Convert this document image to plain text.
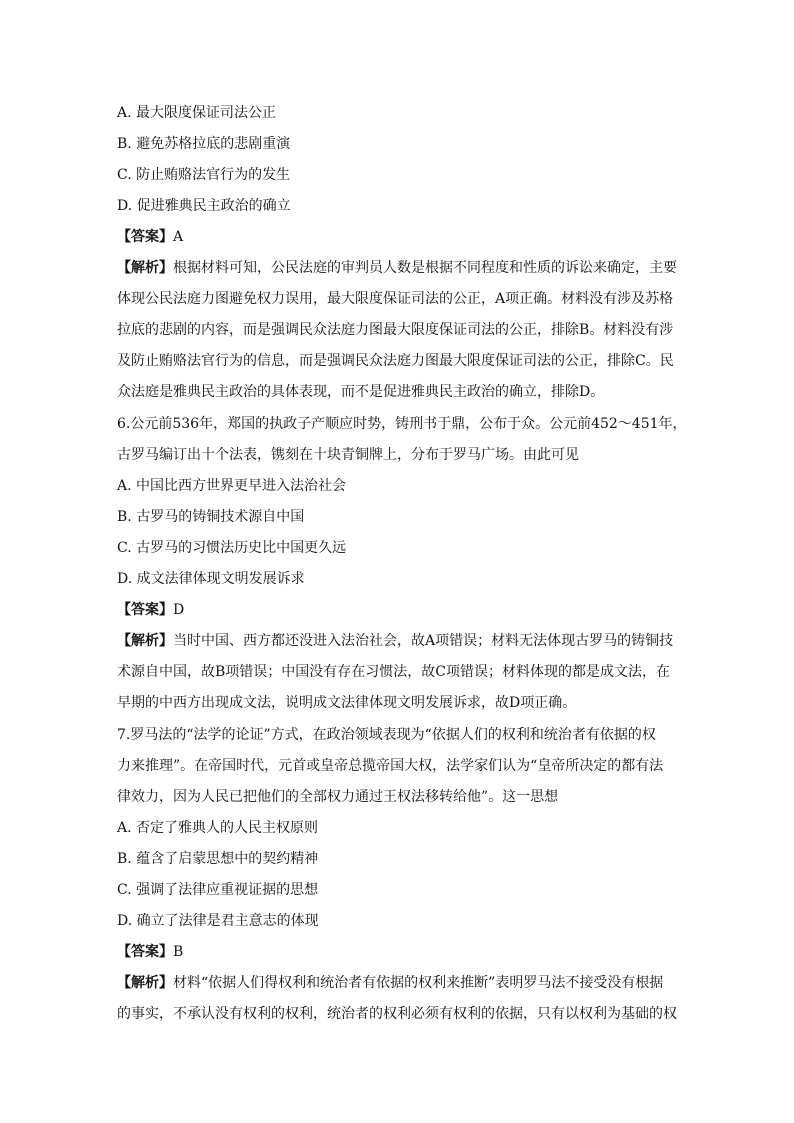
A. 最大限度保证司法公正
B. 避免苏格拉底的悲剧重演
C. 防止贿赂法官行为的发生
D. 促进雅典民主政治的确立
【答案】A
【解析】根据材料可知，公民法庭的审判员人数是根据不同程度和性质的诉讼来确定，主要
体现公民法庭力图避免权力误用，最大限度保证司法的公正，A项正确。材料没有涉及苏格
拉底的悲剧的内容，而是强调民众法庭力图最大限度保证司法的公正，排除B。材料没有涉
及防止贿赂法官行为的信息，而是强调民众法庭力图最大限度保证司法的公正，排除C。民
众法庭是雅典民主政治的具体表现，而不是促进雅典民主政治的确立，排除D。
6.公元前536年，郑国的执政子产顺应时势，铸刑书于鼎，公布于众。公元前452～451年，
古罗马编订出十个法表，镌刻在十块青铜牌上，分布于罗马广场。由此可见
A. 中国比西方世界更早进入法治社会
B. 古罗马的铸铜技术源自中国
C. 古罗马的习惯法历史比中国更久远
D. 成文法律体现文明发展诉求
【答案】D
【解析】当时中国、西方都还没进入法治社会，故A项错误；材料无法体现古罗马的铸铜技
术源自中国，故B项错误；中国没有存在习惯法，故C项错误；材料体现的都是成文法，在
早期的中西方出现成文法，说明成文法律体现文明发展诉求，故D项正确。
7.罗马法的“法学的论证”方式，在政治领域表现为“依据人们的权利和统治者有依据的权
力来推理”。在帝国时代，元首或皇帝总揽帝国大权，法学家们认为“皇帝所决定的都有法
律效力，因为人民已把他们的全部权力通过王权法移转给他”。这一思想
A. 否定了雅典人的人民主权原则
B. 蕴含了启蒙思想中的契约精神
C. 强调了法律应重视证据的思想
D. 确立了法律是君主意志的体现
【答案】B
【解析】材料“依据人们得权利和统治者有依据的权利来推断”表明罗马法不接受没有根据
的事实，不承认没有权利的权利，统治者的权利必须有权利的依据，只有以权利为基础的权
